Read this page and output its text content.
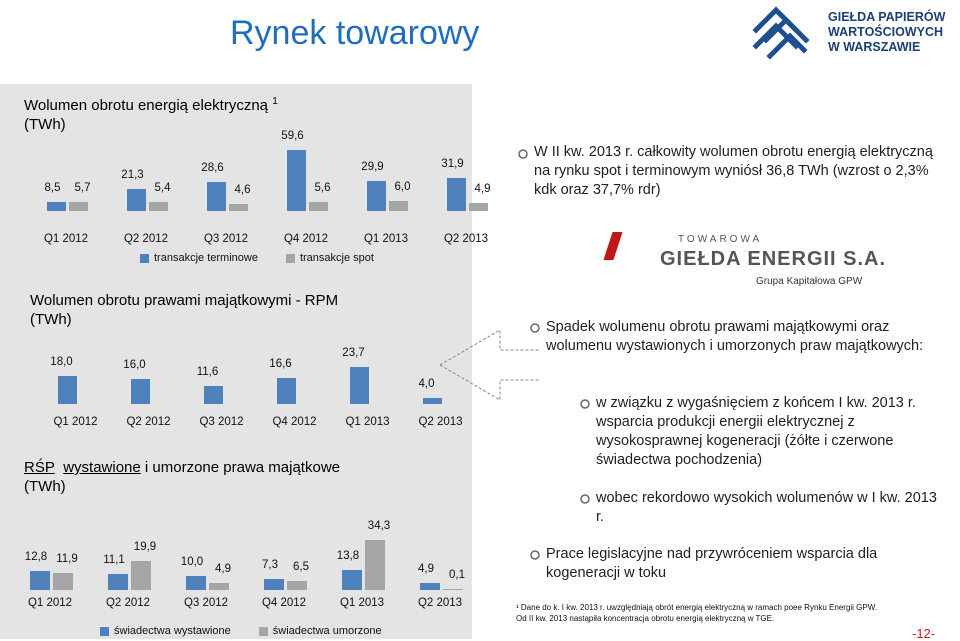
Rynek towarowy	GIEŁDA PAPIERÓW
WARTOŚCIOWYCH
W WARSZAWIE
Wolumen obrotu energią elektryczną $^1$
(TWh)
8,5 5,7
Q1 2012
21,3
5,4
Q2 2012
28,6
4,6
Q3 2012
59,6
5,6
Q4 2012
29,9
6,0
Q1 2013
31,9
4,9
Q2 2013
transakcje terminowe	transakcje spot
Wolumen obrotu prawami majątkowymi - RPM
(TWh)
18,0
Q1 2012
16,0
Q2 2012
11,6
Q3 2012
16,6
Q4 2012
23,7
Q1 2013
4,0
Q2 2013
RŚP wystawione i umorzone prawa majątkowe
(TWh)
12,8 11,9
Q1 2012
11,1
19,9
Q2 2012
10,0
4,9
Q3 2012
7,3 6,5
Q4 2012
13,8
34,3
Q1 2013
4,9
0,1
Q2 2013
świadectwa wystawione	świadectwa umorzone
W II kw. 2013 r. całkowity wolumen obrotu energią elektryczną na rynku spot i terminowym wyniósł 36,8 TWh (wzrost o 2,3% kdk oraz 37,7% rdr)
TOWAROWA
GIEŁDA ENERGII S.A.
Grupa Kapitałowa GPW
Spadek wolumenu obrotu prawami majątkowymi oraz wolumenu wystawionych i umorzonych praw majątkowych:
w związku z wygaśnięciem z końcem I kw. 2013 r. wsparcia produkcji energii elektrycznej z wysokosprawnej kogeneracji (żółte i czerwone świadectwa pochodzenia)
wobec rekordowo wysokich wolumenów w I kw. 2013 r.
Prace legislacyjne nad przywróceniem wsparcia dla kogeneracji w toku
¹ Dane do k. I kw. 2013 r. uwzględniają obrót energią elektryczną w ramach poee Rynku Energii GPW.
Od II kw. 2013 nastąpiła koncentracja obrotu energią elektryczną w TGE.
-12-
